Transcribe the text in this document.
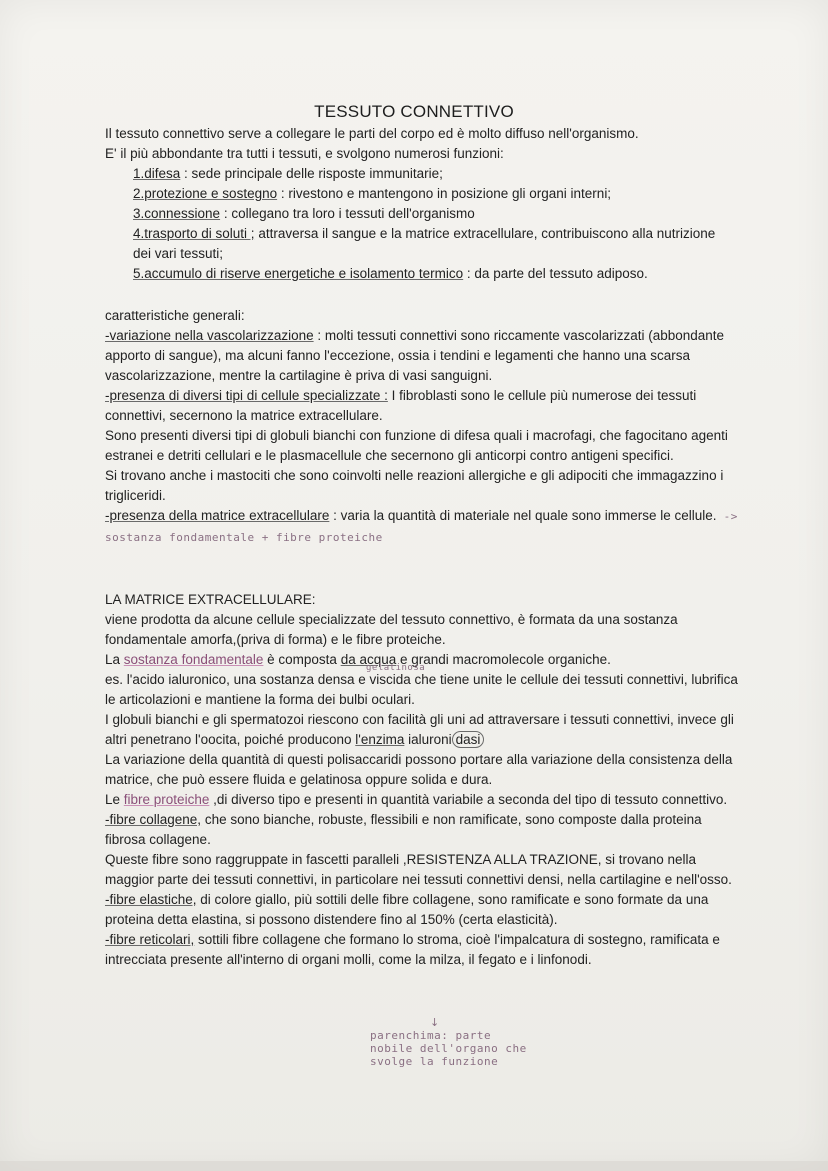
TESSUTO CONNETTIVO

Il tessuto connettivo serve a collegare le parti del corpo ed è molto diffuso nell'organismo.

E' il più abbondante tra tutti i tessuti, e svolgono numerosi funzioni:

1.difesa : sede principale delle risposte immunitarie;

2.protezione e sostegno : rivestono e mantengono in posizione gli organi interni;

3.connessione : collegano tra loro i tessuti dell'organismo

4.trasporto di soluti ; attraversa il sangue e la matrice extracellulare, contribuiscono alla nutrizione dei vari tessuti;

5.accumulo di riserve energetiche e isolamento termico : da parte del tessuto adiposo.

caratteristiche generali:

-variazione nella vascolarizzazione : molti tessuti connettivi sono riccamente vascolarizzati (abbondante apporto di sangue), ma alcuni fanno l'eccezione, ossia i tendini e legamenti che hanno una scarsa vascolarizzazione, mentre la cartilagine è priva di vasi sanguigni.

-presenza di diversi tipi di cellule specializzate : I fibroblasti sono le cellule più numerose dei tessuti connettivi, secernono la matrice extracellulare.

Sono presenti diversi tipi di globuli bianchi con funzione di difesa quali i macrofagi, che fagocitano agenti estranei e detriti cellulari e le plasmacellule che secernono gli anticorpi contro antigeni specifici.

Si trovano anche i mastociti che sono coinvolti nelle reazioni allergiche e gli adipociti che immagazzino i trigliceridi.

-presenza della matrice extracellulare : varia la quantità di materiale nel quale sono immerse le cellule. -> sostanza fondamentale + fibre proteiche

LA MATRICE EXTRACELLULARE:

viene prodotta da alcune cellule specializzate del tessuto connettivo, è formata da una sostanza fondamentale amorfa,(priva di forma) e le fibre proteiche.

La sostanza fondamentale è composta da acqua e grandi macromolecole organiche.

es. l'acido ialuronico, una sostanza densa e viscida che tiene unite le cellule dei tessuti connettivi, lubrifica le articolazioni e mantiene la forma dei bulbi oculari.

I globuli bianchi e gli spermatozoi riescono con facilità gli uni ad attraversare i tessuti connettivi, invece gli altri penetrano l'oocita, poiché producono l'enzima ialuroni dasi

La variazione della quantità di questi polisaccaridi possono portare alla variazione della consistenza della matrice, che può essere fluida e gelatinosa oppure solida e dura.

Le fibre proteiche ,di diverso tipo e presenti in quantità variabile a seconda del tipo di tessuto connettivo.

-fibre collagene, che sono bianche, robuste, flessibili e non ramificate, sono composte dalla proteina fibrosa collagene.

Queste fibre sono raggruppate in fascetti paralleli ,RESISTENZA ALLA TRAZIONE, si trovano nella maggior parte dei tessuti connettivi, in particolare nei tessuti connettivi densi, nella cartilagine e nell'osso.

-fibre elastiche, di colore giallo, più sottili delle fibre collagene, sono ramificate e sono formate da una proteina detta elastina, si possono distendere fino al 150% (certa elasticità).

-fibre reticolari, sottili fibre collagene che formano lo stroma, cioè l'impalcatura di sostegno, ramificata e intrecciata presente all'interno di organi molli, come la milza, il fegato e i linfonodi.

gelatinosa
↓
parenchima: parte
nobile dell'organo che
svolge la funzione
